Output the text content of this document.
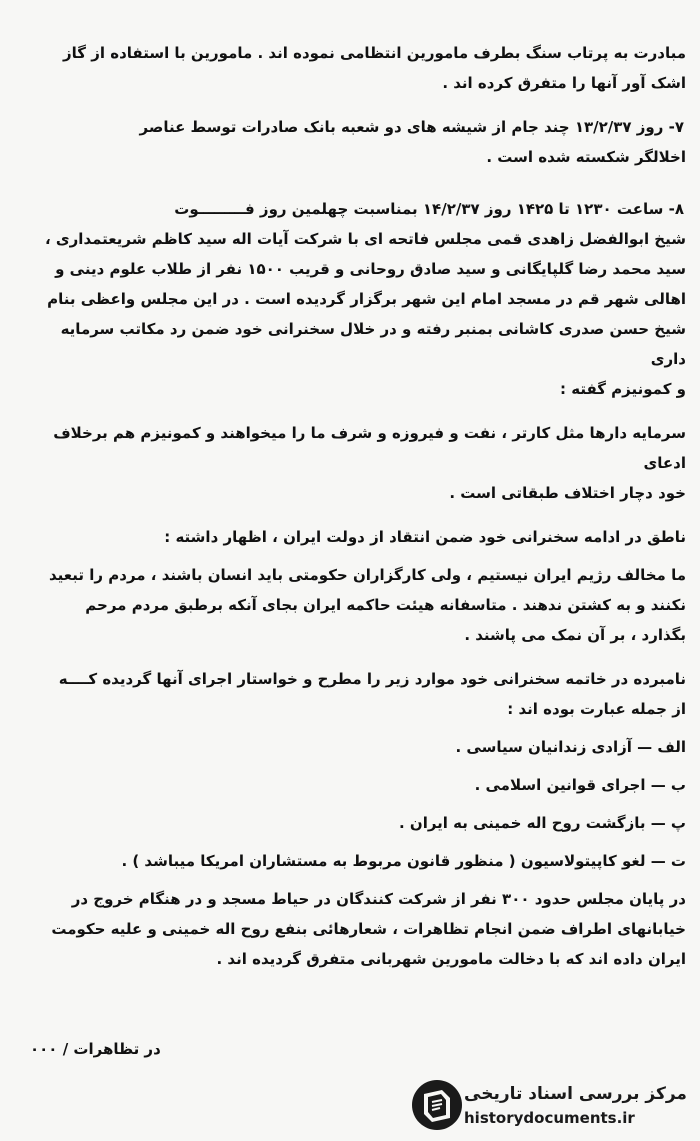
مبادرت به پرتاب سنگ بطرف مامورین انتظامی نموده اند . مامورین با استفاده از گاز

اشک آور آنها را متفرق کرده اند .

۷- روز ۱۳/۲/۳۷ چند جام از شیشه های دو شعبه بانک صادرات توسط عناصر

اخلالگر شکسته شده است .

۸- ساعت ۱۲۳۰ تا ۱۴۲۵ روز ۱۴/۲/۳۷ بمناسبت چهلمین روز فـــــــــوت

شیخ ابوالفضل زاهدی قمی مجلس فاتحه ای با شرکت آیات اله سید کاظم شریعتمداری ،

سید محمد رضا گلپایگانی و سید صادق روحانی و قریب ۱۵۰۰ نفر از طلاب علوم دینی و

اهالی شهر قم در مسجد امام این شهر برگزار گردیده است . در این مجلس واعظی بنام

شیخ حسن صدری کاشانی بمنبر رفته و در خلال سخنرانی خود ضمن رد مکاتب سرمایه داری

و کمونیزم گفته :

سرمایه دارها مثل کارتر ، نفت و فیروزه و شرف ما را میخواهند و کمونیزم هم برخلاف ادعای

خود دچار اختلاف طبقاتی است .

ناطق در ادامه سخنرانی خود ضمن انتقاد از دولت ایران ، اظهار داشته :

ما مخالف رژیم ایران نیستیم ، ولی کارگزاران حکومتی باید انسان باشند ، مردم را تبعید

نکنند و به کشتن ندهند . متاسفانه هیئت حاکمه ایران بجای آنکه برطبق مردم مرحم

بگذارد ، بر آن نمک می پاشند .

نامبرده در خاتمه سخنرانی خود موارد زیر را مطرح و خواستار اجرای آنها گردیده کــــه

از جمله عبارت بوده اند :

الف — آزادی زندانیان سیاسی .

ب — اجرای قوانین اسلامی .

پ — بازگشت روح اله خمینی به ایران .

ت — لغو کاپیتولاسیون ( منظور قانون مربوط به مستشاران امریکا میباشد ) .

در پایان مجلس حدود ۳۰۰ نفر از شرکت کنندگان در حیاط مسجد و در هنگام خروج در

خیابانهای اطراف ضمن انجام تظاهرات ، شعارهائی بنفع روح اله خمینی و علیه حکومت

ایران داده اند که با دخالت مامورین شهربانی متفرق گردیده اند .

در تظاهرات / ۰۰۰
مرکز بررسی اسناد تاریخی
historydocuments.ir
